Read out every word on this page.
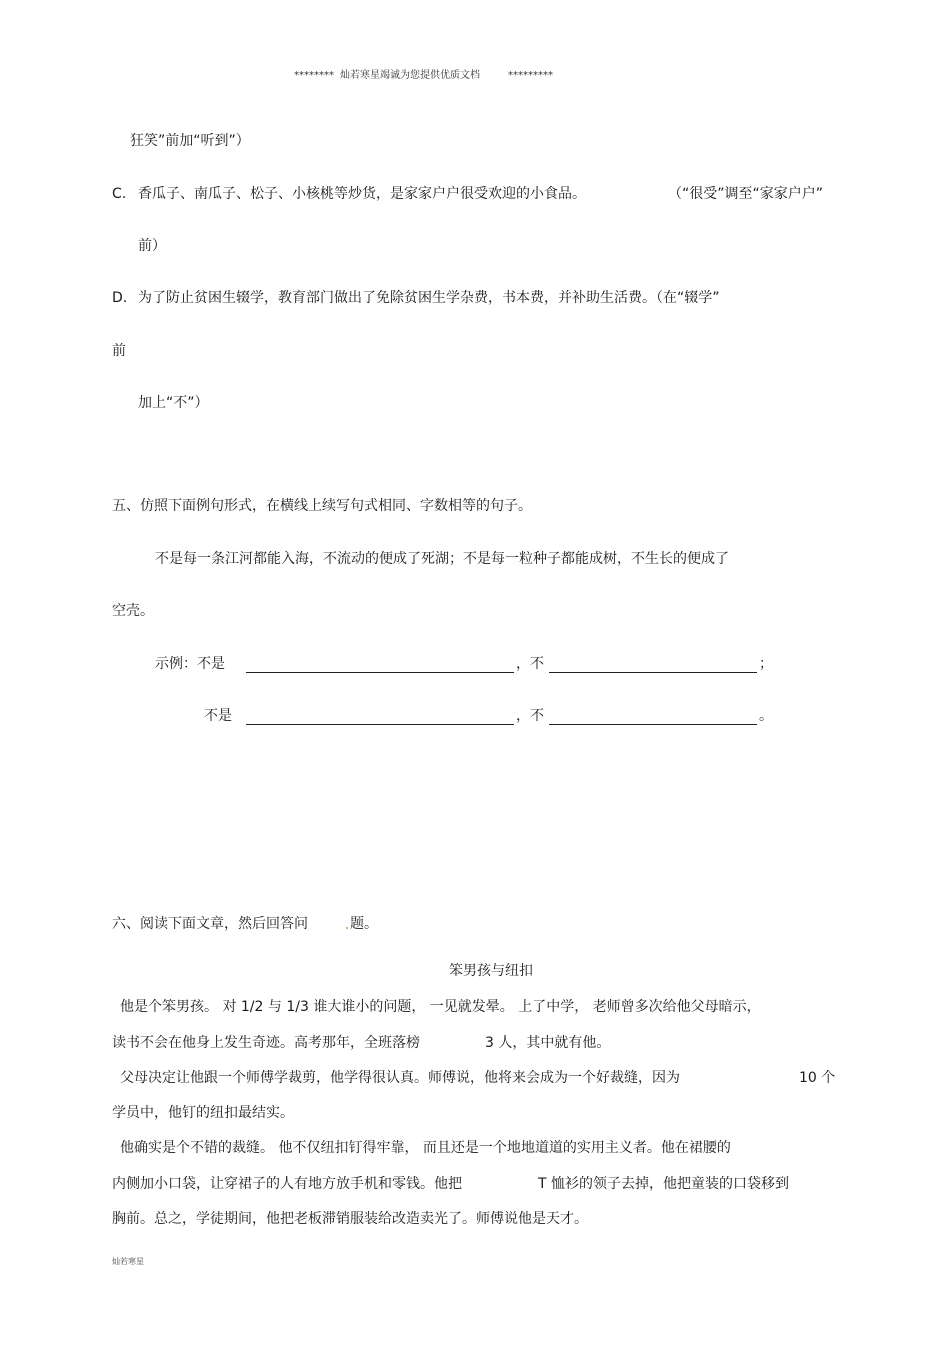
******** 灿若寒星竭诚为您提供优质文档	*********
狂笑”前加“听到”）
C. 香瓜子、南瓜子、松子、小核桃等炒货，是家家户户很受欢迎的小食品。	（“很受”调至“家家户户”
前）
D. 为了防止贫困生辍学，教育部门做出了免除贫困生学杂费，书本费，并补助生活费。（在“辍学”
前
加上“不”）
五、仿照下面例句形式，在横线上续写句式相同、字数相等的句子。
不是每一条江河都能入海，不流动的便成了死湖；不是每一粒种子都能成树，不生长的便成了
空壳。
示例：不是	，不	；
不是	，不	。
六、阅读下面文章，然后回答问	题。
笨男孩与纽扣
他是个笨男孩。 对 1/2 与 1/3 谁大谁小的问题， 一见就发晕。 上了中学， 老师曾多次给他父母暗示，
读书不会在他身上发生奇迹。高考那年，全班落榜	3 人，其中就有他。
父母决定让他跟一个师傅学裁剪，他学得很认真。师傅说，他将来会成为一个好裁缝，因为	10 个
学员中，他钉的纽扣最结实。
他确实是个不错的裁缝。 他不仅纽扣钉得牢靠， 而且还是一个地地道道的实用主义者。他在裙腰的
内侧加小口袋，让穿裙子的人有地方放手机和零钱。他把	T 恤衫的领子去掉，他把童装的口袋移到
胸前。总之，学徒期间，他把老板滞销服装给改造卖光了。师傅说他是天才。
灿若寒星
